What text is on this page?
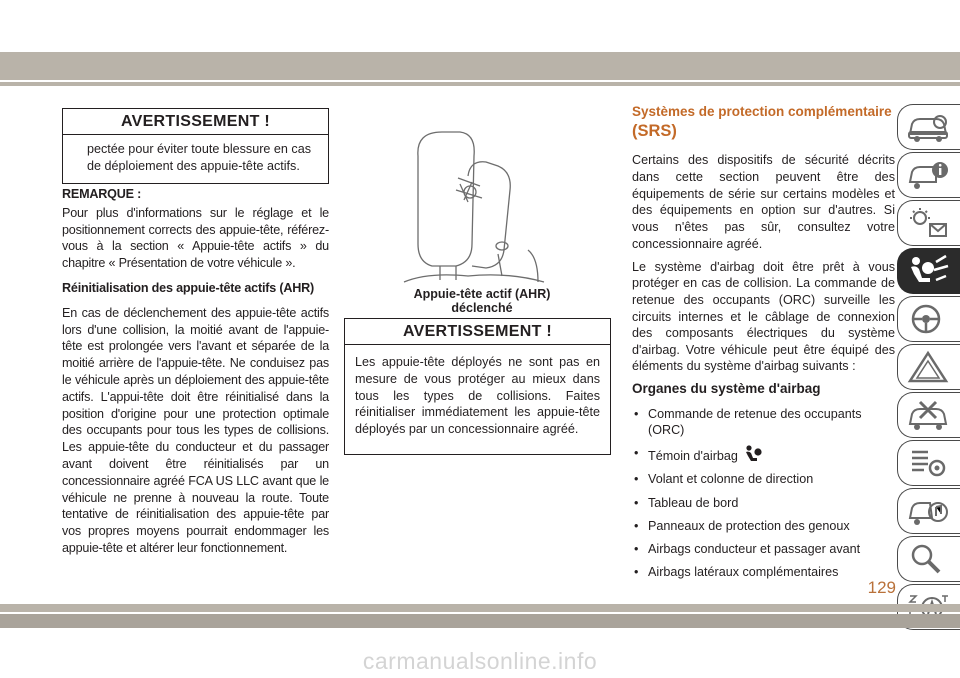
AVERTISSEMENT !
pectée pour éviter toute blessure en cas de déploiement des appuie-tête actifs.

REMARQUE :

Pour plus d'informations sur le réglage et le positionnement corrects des appuie-tête, référez-vous à la section « Appuie-tête actifs » du chapitre « Présentation de votre véhicule ».

Réinitialisation des appuie-tête actifs (AHR)

En cas de déclenchement des appuie-tête actifs lors d'une collision, la moitié avant de l'appuie-tête est prolongée vers l'avant et séparée de la moitié arrière de l'appuie-tête. Ne conduisez pas le véhicule après un déploiement des appuie-tête actifs. L'appui-tête doit être réinitialisé dans la position d'origine pour une protection optimale des occupants pour tous les types de collisions. Les appuie-tête du conducteur et du passager avant doivent être réinitialisés par un concessionnaire agréé FCA US LLC avant que le véhicule ne prenne à nouveau la route. Toute tentative de réinitialisation des appuie-tête par vos propres moyens pourrait endommager les appuie-tête et altérer leur fonctionnement.

Appuie-tête actif (AHR) déclenché
AVERTISSEMENT !
Les appuie-tête déployés ne sont pas en mesure de vous protéger au mieux dans tous les types de collisions. Faites réinitialiser immédiatement les appuie-tête déployés par un concessionnaire agréé.
Systèmes de protection complémentaire
(SRS)

Certains des dispositifs de sécurité décrits dans cette section peuvent être des équipements de série sur certains modèles et des équipements en option sur d'autres. Si vous n'êtes pas sûr, consultez votre concessionnaire agréé.

Le système d'airbag doit être prêt à vous protéger en cas de collision. La commande de retenue des occupants (ORC) surveille les circuits internes et le câblage de connexion des composants électriques du système d'airbag. Votre véhicule peut être équipé des éléments du système d'airbag suivants :

Organes du système d'airbag
• Commande de retenue des occupants (ORC)
• Témoin d'airbag
• Volant et colonne de direction
• Tableau de bord
• Panneaux de protection des genoux
• Airbags conducteur et passager avant
• Airbags latéraux complémentaires
129
carmanualsonline.info
